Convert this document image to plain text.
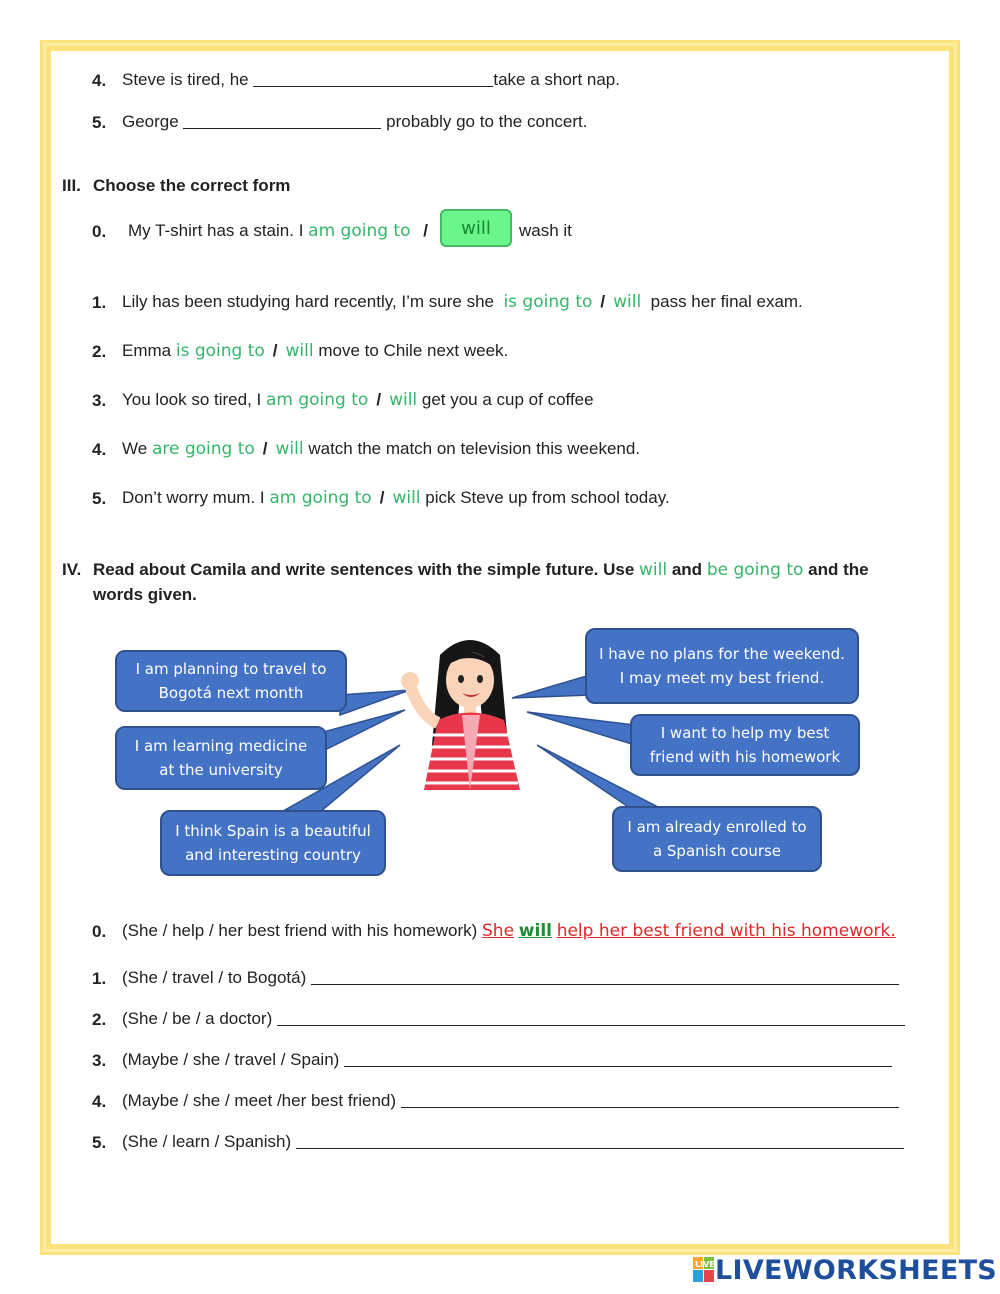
4. Steve is tired, he	take a short nap.
5. George	probably go to the concert.
III. Choose the correct form
0. My T-shirt has a stain. I am going to /	will wash it
1. Lily has been studying hard recently, I’m sure she is going to / will pass her final exam.
2. Emma is going to / will move to Chile next week.
3. You look so tired, I am going to / will get you a cup of coffee
4. We are going to / will watch the match on television this weekend.
5. Don’t worry mum. I am going to / will pick Steve up from school today.
IV. Read about Camila and write sentences with the simple future. Use will and be going to and the
words given.
I am planning to travel to
Bogotá next month
I am learning medicine
at the university
I think Spain is a beautiful
and interesting country
I have no plans for the weekend.
I may meet my best friend.
I want to help my best
friend with his homework
I am already enrolled to
a Spanish course
0. (She / help / her best friend with his homework) She will help her best friend with his homework.
1. (She / travel / to Bogotá)
2. (She / be / a doctor)
3. (Maybe / she / travel / Spain)
4. (Maybe / she / meet /her best friend)
5. (She / learn / Spanish)
LIVE LIVEWORKSHEETS
